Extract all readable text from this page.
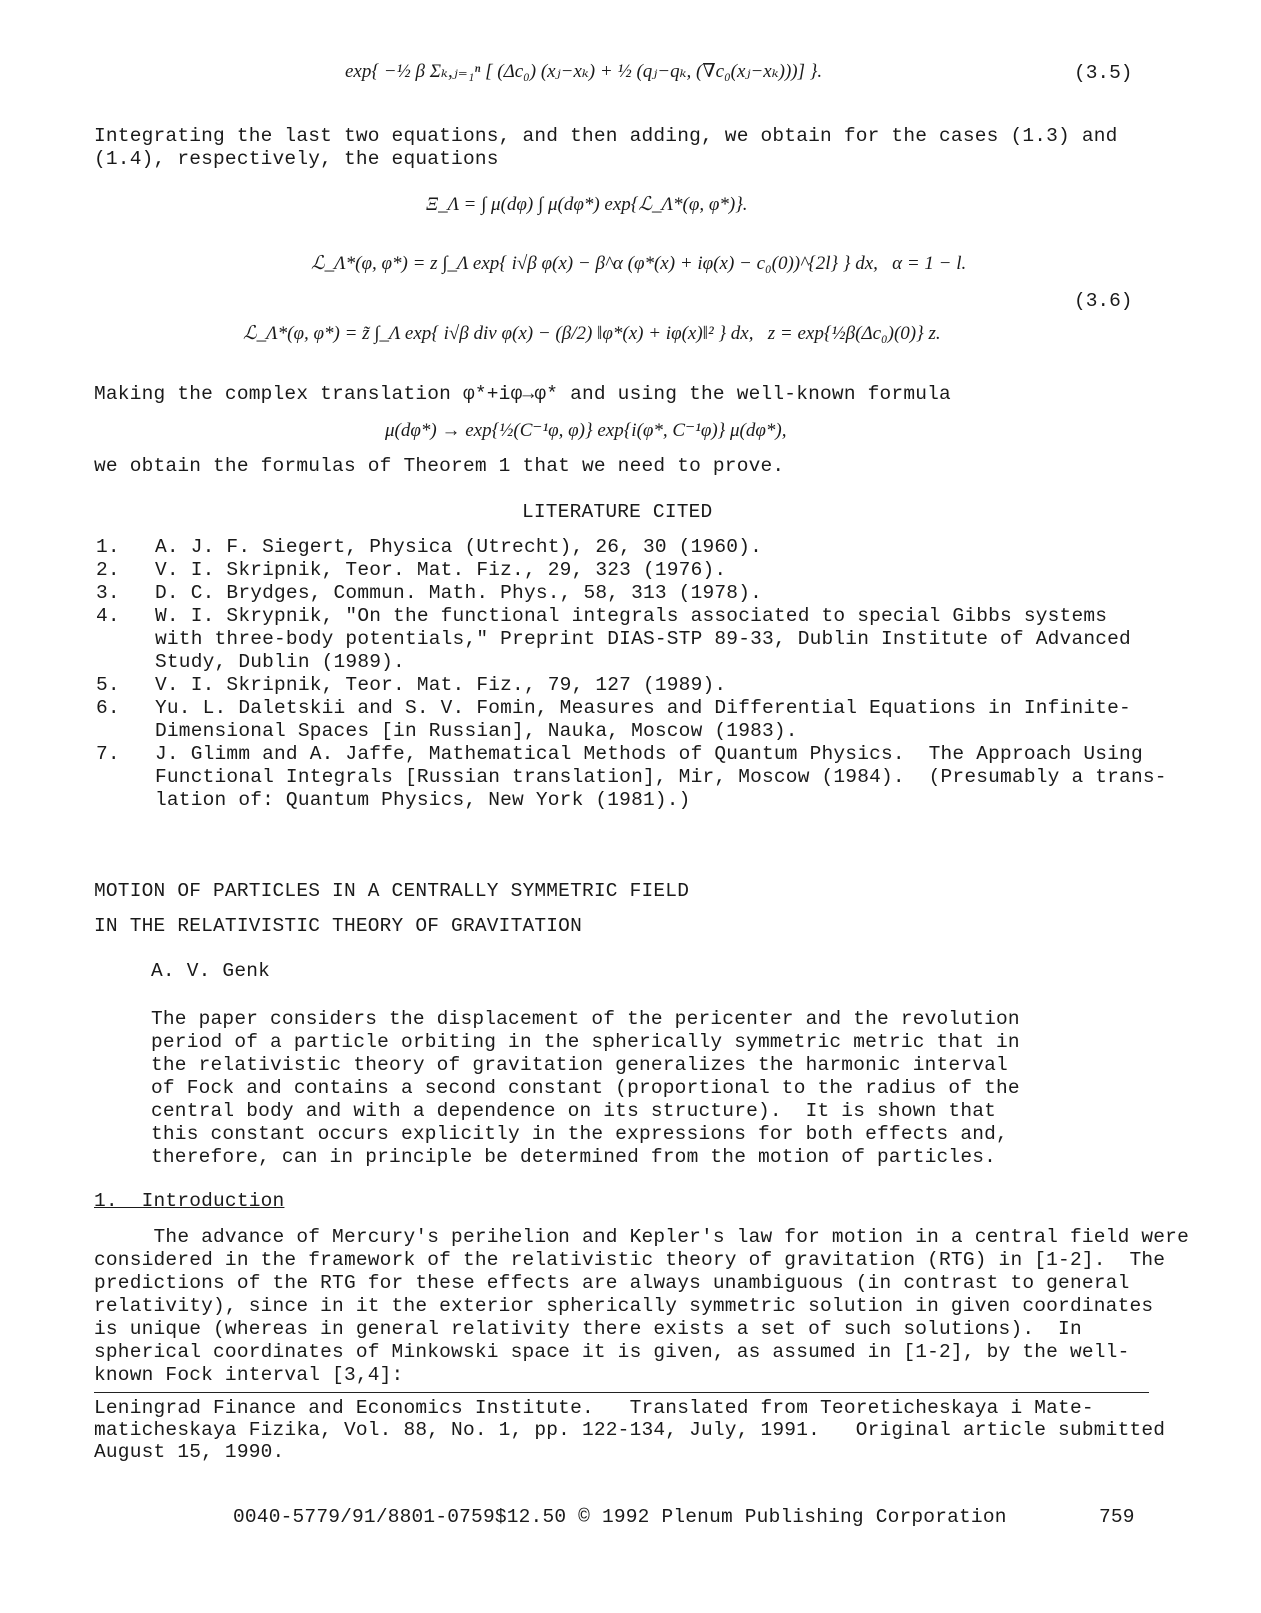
exp{ −½ β Σₖ,ⱼ₌₁ⁿ [ (Δc₀) (xⱼ−xₖ) + ½ (qⱼ−qₖ, (∇c₀(xⱼ−xₖ)))] }.	(3.5)
Integrating the last two equations, and then adding, we obtain for the cases (1.3) and
(1.4), respectively, the equations
Ξ_Λ = ∫ μ(dφ) ∫ μ(dφ*) exp{ℒ_Λ*(φ, φ*)}.
ℒ_Λ*(φ, φ*) = z ∫_Λ exp{ i√β φ(x) − β^α (φ*(x) + iφ(x) − c₀(0))^{2l} } dx,   α = 1 − l.
(3.6)
ℒ_Λ*(φ, φ*) = z̃ ∫_Λ exp{ i√β div φ(x) − (β/2) ‖φ*(x) + iφ(x)‖² } dx,   z = exp{½β(Δc₀)(0)} z.
Making the complex translation φ*+iφ→φ* and using the well-known formula
μ(dφ*) → exp{½(C⁻¹φ, φ)} exp{i(φ*, C⁻¹φ)} μ(dφ*),
we obtain the formulas of Theorem 1 that we need to prove.
LITERATURE CITED

1.

A. J. F. Siegert, Physica (Utrecht), 26, 30 (1960).

2.

V. I. Skripnik, Teor. Mat. Fiz., 29, 323 (1976).

3.

D. C. Brydges, Commun. Math. Phys., 58, 313 (1978).

4.

W. I. Skrypnik, "On the functional integrals associated to special Gibbs systems

with three-body potentials," Preprint DIAS-STP 89-33, Dublin Institute of Advanced

Study, Dublin (1989).

5.

V. I. Skripnik, Teor. Mat. Fiz., 79, 127 (1989).

6.

Yu. L. Daletskii and S. V. Fomin, Measures and Differential Equations in Infinite-

Dimensional Spaces [in Russian], Nauka, Moscow (1983).

7.

J. Glimm and A. Jaffe, Mathematical Methods of Quantum Physics.  The Approach Using

Functional Integrals [Russian translation], Mir, Moscow (1984).  (Presumably a trans-

lation of: Quantum Physics, New York (1981).)

MOTION OF PARTICLES IN A CENTRALLY SYMMETRIC FIELD
IN THE RELATIVISTIC THEORY OF GRAVITATION
A. V. Genk
The paper considers the displacement of the pericenter and the revolution
period of a particle orbiting in the spherically symmetric metric that in
the relativistic theory of gravitation generalizes the harmonic interval
of Fock and contains a second constant (proportional to the radius of the
central body and with a dependence on its structure).  It is shown that
this constant occurs explicitly in the expressions for both effects and,
therefore, can in principle be determined from the motion of particles.
1.  Introduction
The advance of Mercury's perihelion and Kepler's law for motion in a central field were
considered in the framework of the relativistic theory of gravitation (RTG) in [1-2].  The
predictions of the RTG for these effects are always unambiguous (in contrast to general
relativity), since in it the exterior spherically symmetric solution in given coordinates
is unique (whereas in general relativity there exists a set of such solutions).  In
spherical coordinates of Minkowski space it is given, as assumed in [1-2], by the well-
known Fock interval [3,4]:
Leningrad Finance and Economics Institute.   Translated from Teoreticheskaya i Mate-
maticheskaya Fizika, Vol. 88, No. 1, pp. 122-134, July, 1991.   Original article submitted
August 15, 1990.
0040-5779/91/8801-0759$12.50 © 1992 Plenum Publishing Corporation	759
